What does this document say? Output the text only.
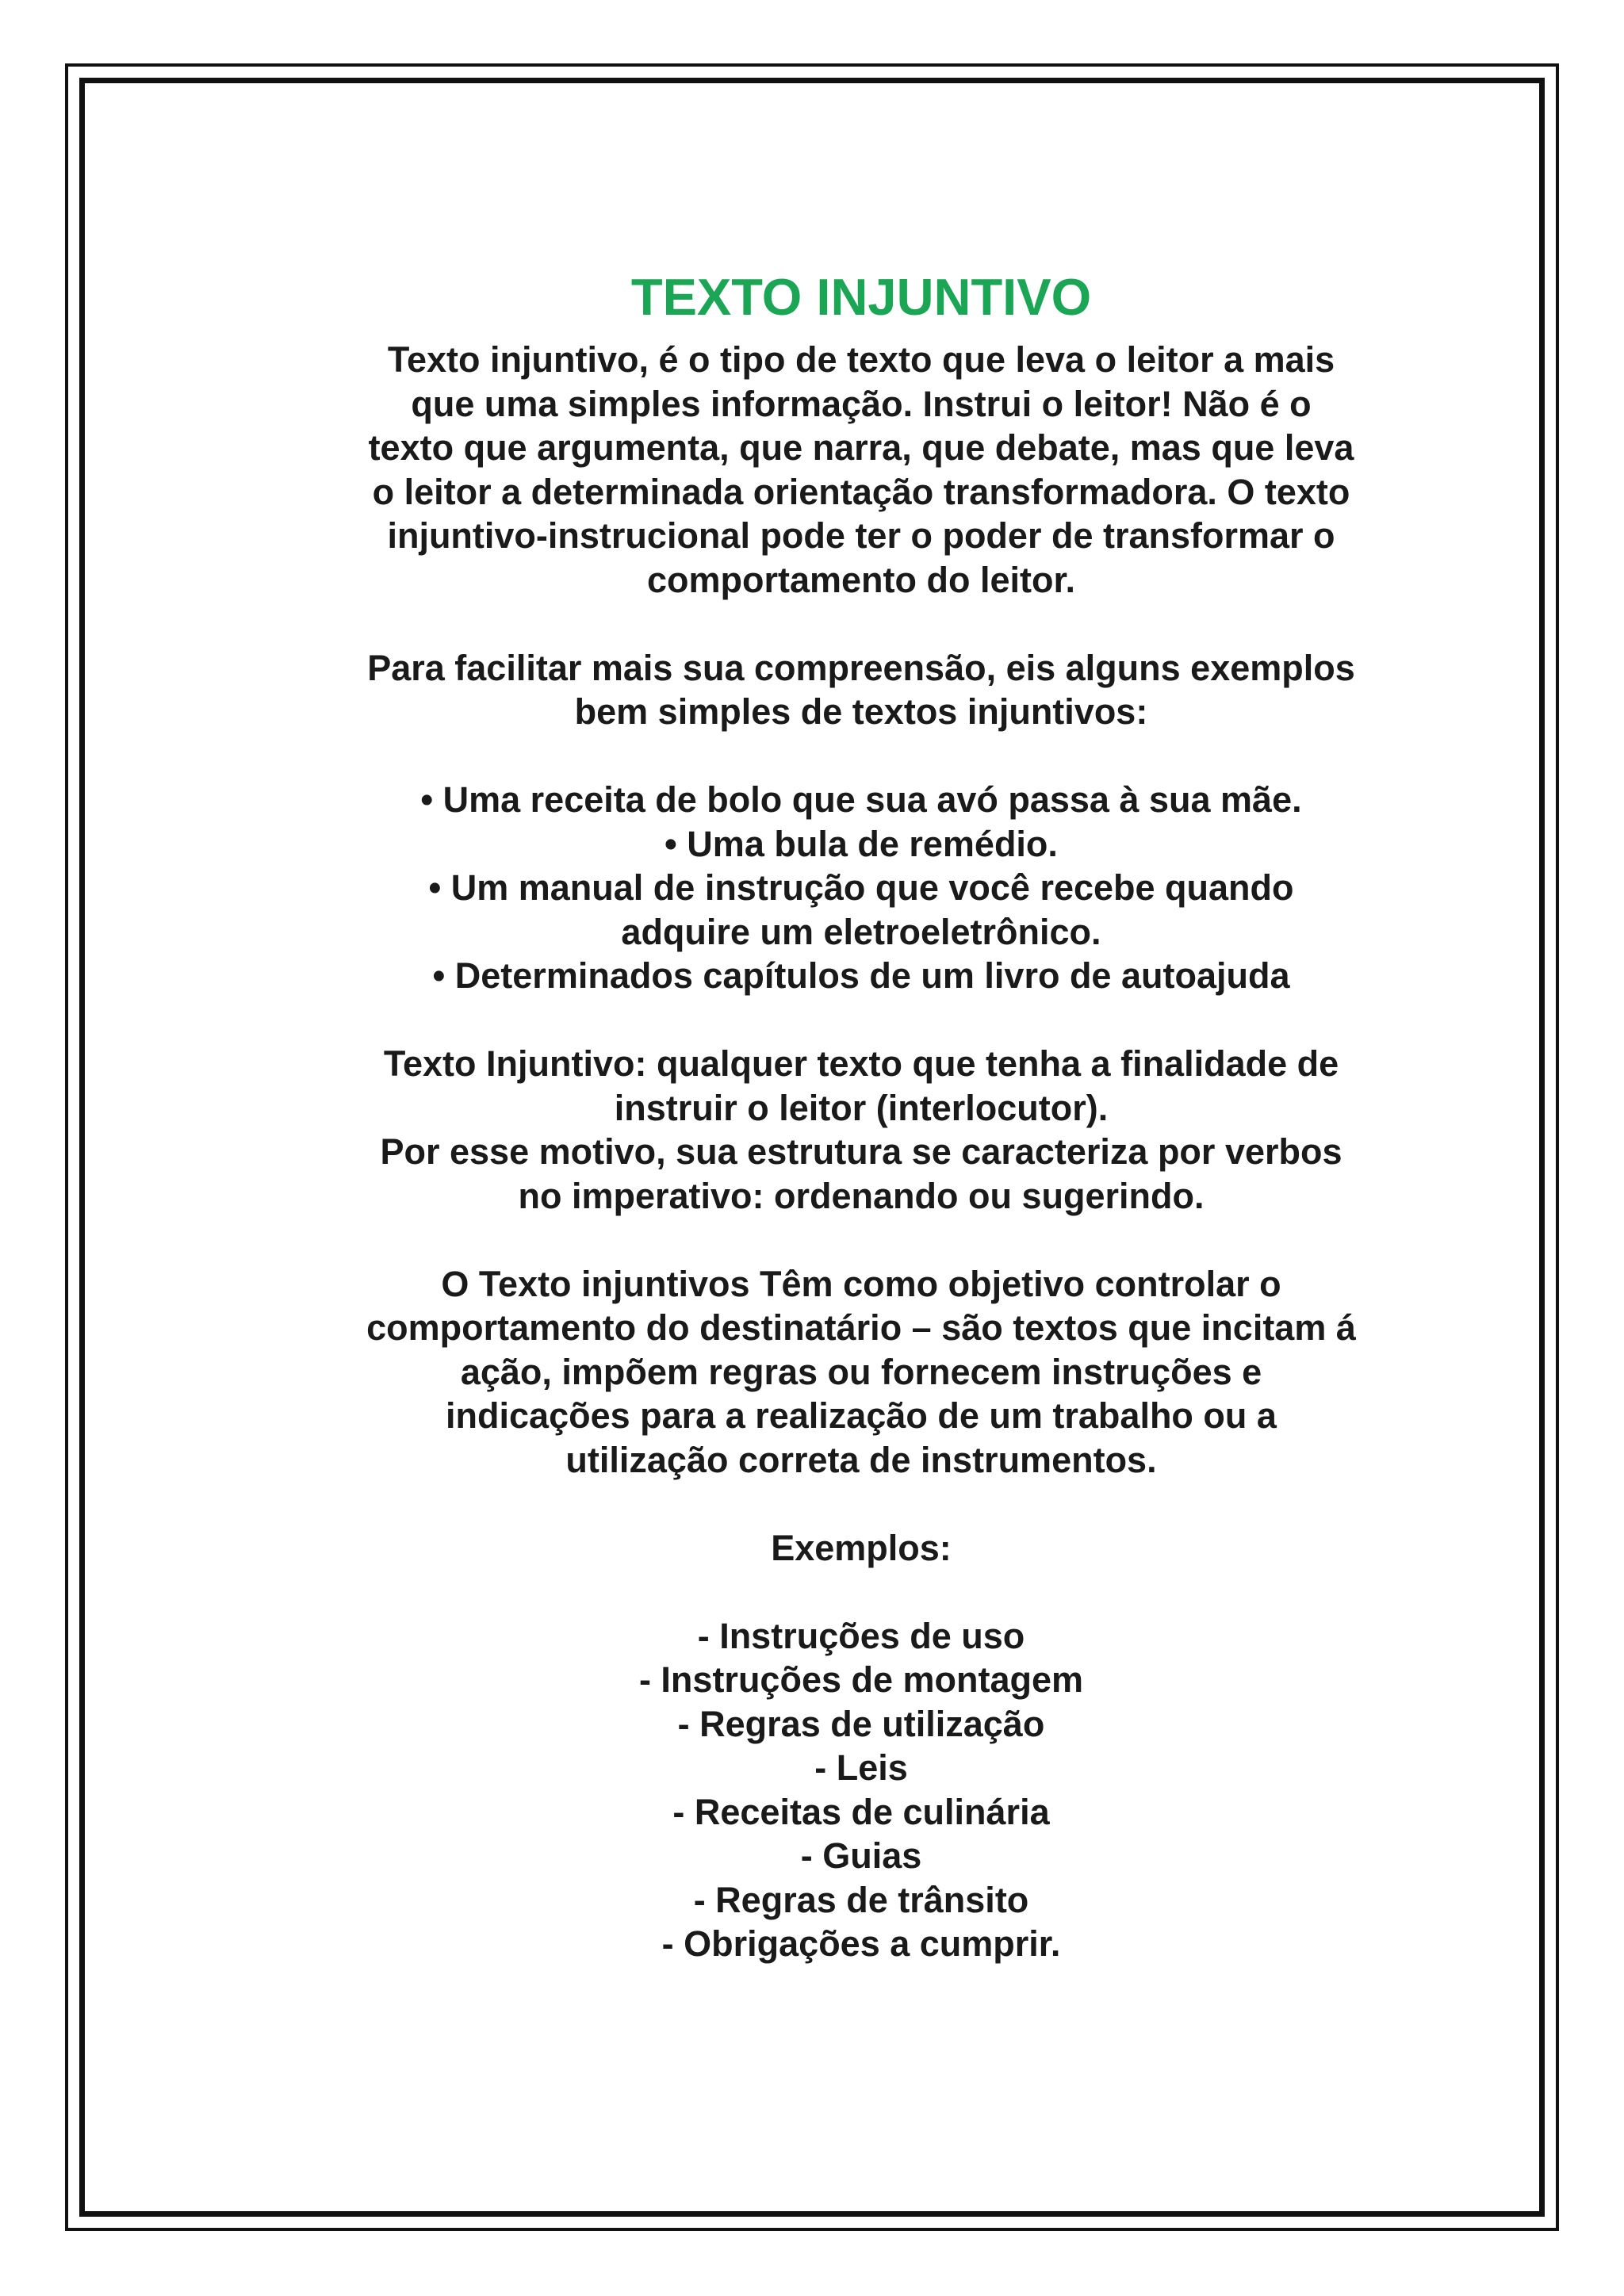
TEXTO INJUNTIVO

Texto injuntivo, é o tipo de texto que leva o leitor a mais
que uma simples informação. Instrui o leitor! Não é o
texto que argumenta, que narra, que debate, mas que leva
o leitor a determinada orientação transformadora. O texto
injuntivo-instrucional pode ter o poder de transformar o
comportamento do leitor.

Para facilitar mais sua compreensão, eis alguns exemplos
bem simples de textos injuntivos:

• Uma receita de bolo que sua avó passa à sua mãe.
• Uma bula de remédio.
• Um manual de instrução que você recebe quando
adquire um eletroeletrônico.
• Determinados capítulos de um livro de autoajuda

Texto Injuntivo: qualquer texto que tenha a finalidade de
instruir o leitor (interlocutor).
Por esse motivo, sua estrutura se caracteriza por verbos
no imperativo: ordenando ou sugerindo.

O Texto injuntivos Têm como objetivo controlar o
comportamento do destinatário – são textos que incitam á
ação, impõem regras ou fornecem instruções e
indicações para a realização de um trabalho ou a
utilização correta de instrumentos.

Exemplos:

- Instruções de uso
- Instruções de montagem
- Regras de utilização
- Leis
- Receitas de culinária
- Guias
- Regras de trânsito
- Obrigações a cumprir.
